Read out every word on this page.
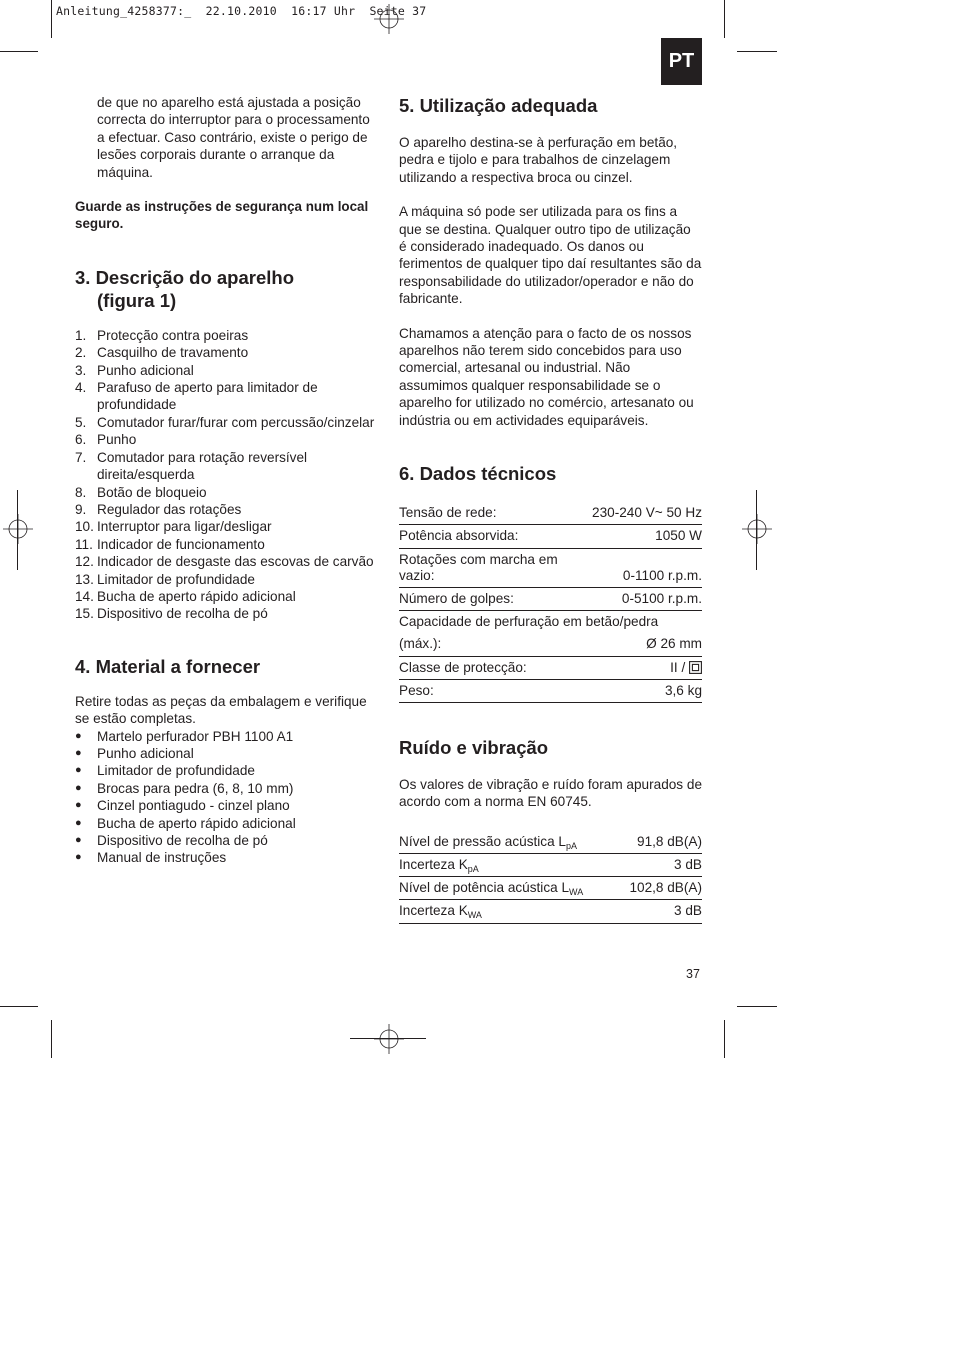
Anleitung_4258377:_  22.10.2010  16:17 Uhr  Seite 37
PT

de que no aparelho está ajustada a posição correcta do interruptor para o processamento a efectuar. Caso contrário, existe o perigo de lesões corporais durante o arranque da máquina.

Guarde as instruções de segurança num local seguro.

3. Descrição do aparelho
(figura 1)
1. Protecção contra poeiras
2. Casquilho de travamento
3. Punho adicional
4. Parafuso de aperto para limitador de profundidade
5. Comutador furar/furar com percussão/cinzelar
6. Punho
7. Comutador para rotação reversível direita/esquerda
8. Botão de bloqueio
9. Regulador das rotações
10. Interruptor para ligar/desligar
11. Indicador de funcionamento
12. Indicador de desgaste das escovas de carvão
13. Limitador de profundidade
14. Bucha de aperto rápido adicional
15. Dispositivo de recolha de pó
4. Material a fornecer

Retire todas as peças da embalagem e verifique se estão completas.

●	Martelo perfurador PBH 1100 A1
●	Punho adicional
●	Limitador de profundidade
●	Brocas para pedra (6, 8, 10 mm)
●	Cinzel pontiagudo - cinzel plano
●	Bucha de aperto rápido adicional
●	Dispositivo de recolha de pó
●	Manual de instruções
5. Utilização adequada

O aparelho destina-se à perfuração em betão, pedra e tijolo e para trabalhos de cinzelagem utilizando a respectiva broca ou cinzel.

A máquina só pode ser utilizada para os fins a que se destina. Qualquer outro tipo de utilização é considerado inadequado. Os danos ou ferimentos de qualquer tipo daí resultantes são da responsabilidade do utilizador/operador e não do fabricante.

Chamamos a atenção para o facto de os nossos aparelhos não terem sido concebidos para uso comercial, artesanal ou industrial. Não assumimos qualquer responsabilidade se o aparelho for utilizado no comércio, artesanato ou indústria ou em actividades equiparáveis.

6. Dados técnicos
Tensão de rede:	230-240 V~ 50 Hz
Potência absorvida:	1050 W
Rotações com marcha em vazio:	0-1100 r.p.m.
Número de golpes:	0-5100 r.p.m.
Capacidade de perfuração em betão/pedra	
(máx.):	Ø 26 mm
Classe de protecção:	II /
Peso:	3,6 kg
Ruído e vibração

Os valores de vibração e ruído foram apurados de acordo com a norma EN 60745.

Nível de pressão acústica $L_{pA}$	91,8 dB(A)
Incerteza $K_{pA}$	3 dB
Nível de potência acústica $L_{WA}$	102,8 dB(A)
Incerteza $K_{WA}$	3 dB
37
